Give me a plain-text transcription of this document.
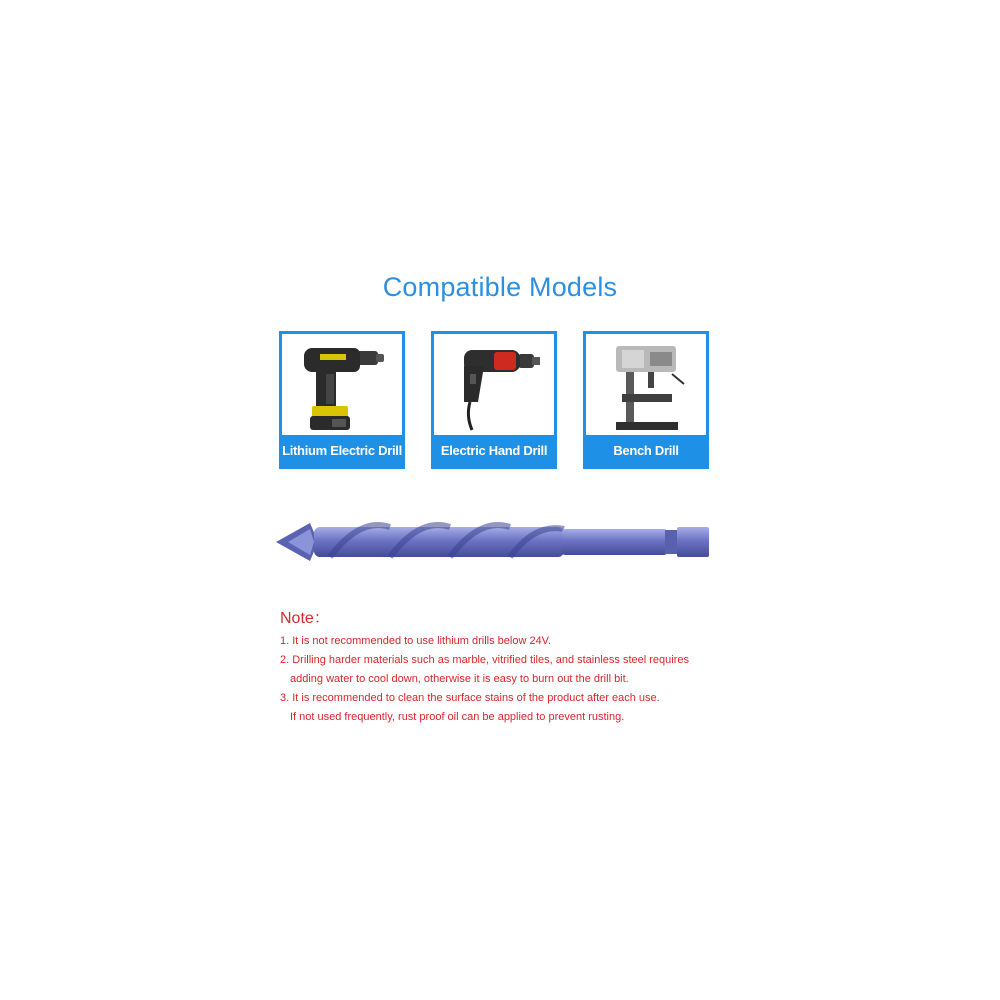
Compatible Models
Lithium Electric Drill	Electric Hand Drill	Bench Drill
Note：
1. It is not recommended to use lithium drills below 24V.
2. Drilling harder materials such as marble, vitrified tiles, and stainless steel requires
adding water to cool down, otherwise it is easy to burn out the drill bit.
3. It is recommended to clean the surface stains of the product after each use.
If not used frequently, rust proof oil can be applied to prevent rusting.
